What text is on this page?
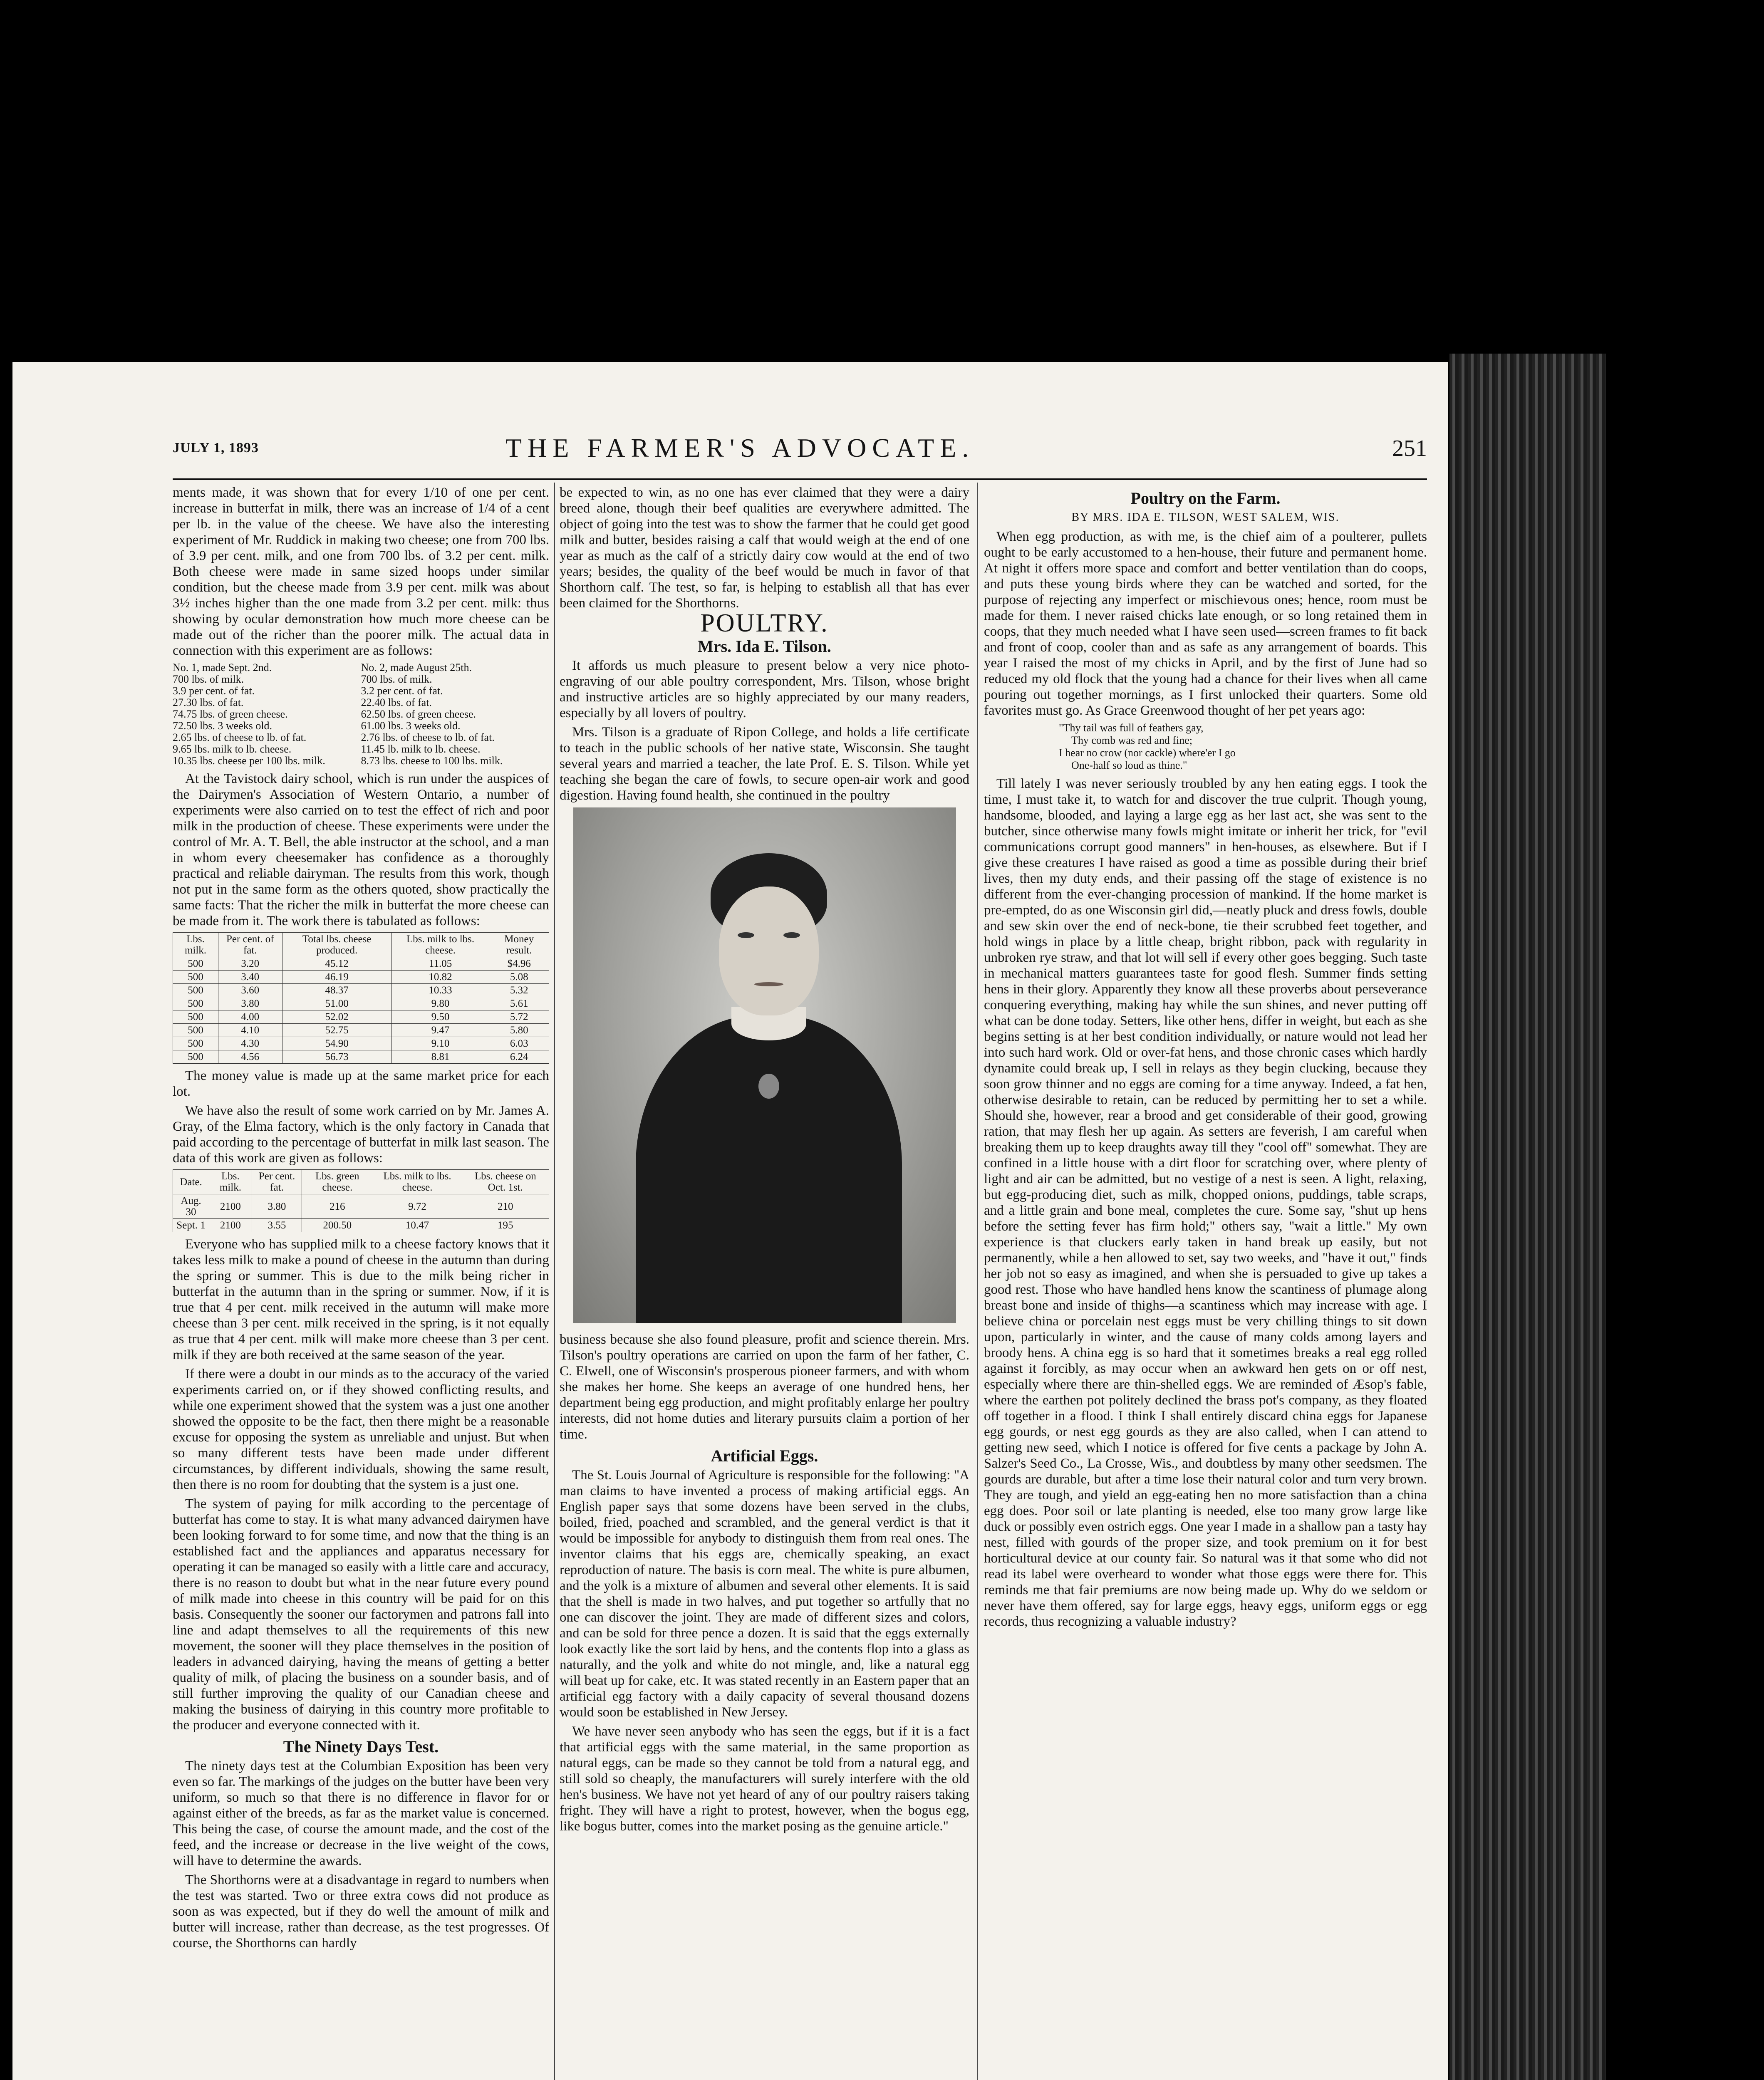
JULY 1, 1893	THE FARMER'S ADVOCATE.	251

ments made, it was shown that for every 1/10 of one per cent. increase in butterfat in milk, there was an increase of 1/4 of a cent per lb. in the value of the cheese. We have also the interesting experiment of Mr. Ruddick in making two cheese; one from 700 lbs. of 3.9 per cent. milk, and one from 700 lbs. of 3.2 per cent. milk. Both cheese were made in same sized hoops under similar condition, but the cheese made from 3.9 per cent. milk was about 3½ inches higher than the one made from 3.2 per cent. milk: thus showing by ocular demonstration how much more cheese can be made out of the richer than the poorer milk. The actual data in connection with this experiment are as follows:

No. 1, made Sept. 2nd.	No. 2, made August 25th.
700 lbs. of milk.	700 lbs. of milk.
3.9 per cent. of fat.	3.2 per cent. of fat.
27.30 lbs. of fat.	22.40 lbs. of fat.
74.75 lbs. of green cheese.	62.50 lbs. of green cheese.
72.50 lbs. 3 weeks old.	61.00 lbs. 3 weeks old.
2.65 lbs. of cheese to lb. of fat.	2.76 lbs. of cheese to lb. of fat.
9.65 lbs. milk to lb. cheese.	11.45 lb. milk to lb. cheese.
10.35 lbs. cheese per 100 lbs. milk.	8.73 lbs. cheese to 100 lbs. milk.

At the Tavistock dairy school, which is run under the auspices of the Dairymen's Association of Western Ontario, a number of experiments were also carried on to test the effect of rich and poor milk in the production of cheese. These experiments were under the control of Mr. A. T. Bell, the able instructor at the school, and a man in whom every cheesemaker has confidence as a thoroughly practical and reliable dairyman. The results from this work, though not put in the same form as the others quoted, show practically the same facts: That the richer the milk in butterfat the more cheese can be made from it. The work there is tabulated as follows:

Lbs. milk.	Per cent. of fat.	Total lbs. cheese produced.	Lbs. milk to lbs. cheese.	Money result.
500	3.20	45.12	11.05	$4.96
500	3.40	46.19	10.82	5.08
500	3.60	48.37	10.33	5.32
500	3.80	51.00	9.80	5.61
500	4.00	52.02	9.50	5.72
500	4.10	52.75	9.47	5.80
500	4.30	54.90	9.10	6.03
500	4.56	56.73	8.81	6.24

The money value is made up at the same market price for each lot.

We have also the result of some work carried on by Mr. James A. Gray, of the Elma factory, which is the only factory in Canada that paid according to the percentage of butterfat in milk last season. The data of this work are given as follows:

Date.	Lbs. milk.	Per cent. fat.	Lbs. green cheese.	Lbs. milk to lbs. cheese.	Lbs. cheese on Oct. 1st.
Aug. 30	2100	3.80	216	9.72	210
Sept. 1	2100	3.55	200.50	10.47	195

Everyone who has supplied milk to a cheese factory knows that it takes less milk to make a pound of cheese in the autumn than during the spring or summer. This is due to the milk being richer in butterfat in the autumn than in the spring or summer. Now, if it is true that 4 per cent. milk received in the autumn will make more cheese than 3 per cent. milk received in the spring, is it not equally as true that 4 per cent. milk will make more cheese than 3 per cent. milk if they are both received at the same season of the year.

If there were a doubt in our minds as to the accuracy of the varied experiments carried on, or if they showed conflicting results, and while one experiment showed that the system was a just one another showed the opposite to be the fact, then there might be a reasonable excuse for opposing the system as unreliable and unjust. But when so many different tests have been made under different circumstances, by different individuals, showing the same result, then there is no room for doubting that the system is a just one.

The system of paying for milk according to the percentage of butterfat has come to stay. It is what many advanced dairymen have been looking forward to for some time, and now that the thing is an established fact and the appliances and apparatus necessary for operating it can be managed so easily with a little care and accuracy, there is no reason to doubt but what in the near future every pound of milk made into cheese in this country will be paid for on this basis. Consequently the sooner our factorymen and patrons fall into line and adapt themselves to all the requirements of this new movement, the sooner will they place themselves in the position of leaders in advanced dairying, having the means of getting a better quality of milk, of placing the business on a sounder basis, and of still further improving the quality of our Canadian cheese and making the business of dairying in this country more profitable to the producer and everyone connected with it.

The Ninety Days Test.

The ninety days test at the Columbian Exposition has been very even so far. The markings of the judges on the butter have been very uniform, so much so that there is no difference in flavor for or against either of the breeds, as far as the market value is concerned. This being the case, of course the amount made, and the cost of the feed, and the increase or decrease in the live weight of the cows, will have to determine the awards.

The Shorthorns were at a disadvantage in regard to numbers when the test was started. Two or three extra cows did not produce as soon as was expected, but if they do well the amount of milk and butter will increase, rather than decrease, as the test progresses. Of course, the Shorthorns can hardly

be expected to win, as no one has ever claimed that they were a dairy breed alone, though their beef qualities are everywhere admitted. The object of going into the test was to show the farmer that he could get good milk and butter, besides raising a calf that would weigh at the end of one year as much as the calf of a strictly dairy cow would at the end of two years; besides, the quality of the beef would be much in favor of that Shorthorn calf. The test, so far, is helping to establish all that has ever been claimed for the Shorthorns.

POULTRY.
Mrs. Ida E. Tilson.

It affords us much pleasure to present below a very nice photo-engraving of our able poultry correspondent, Mrs. Tilson, whose bright and instructive articles are so highly appreciated by our many readers, especially by all lovers of poultry.

Mrs. Tilson is a graduate of Ripon College, and holds a life certificate to teach in the public schools of her native state, Wisconsin. She taught several years and married a teacher, the late Prof. E. S. Tilson. While yet teaching she began the care of fowls, to secure open-air work and good digestion. Having found health, she continued in the poultry

business because she also found pleasure, profit and science therein. Mrs. Tilson's poultry operations are carried on upon the farm of her father, C. C. Elwell, one of Wisconsin's prosperous pioneer farmers, and with whom she makes her home. She keeps an average of one hundred hens, her department being egg production, and might profitably enlarge her poultry interests, did not home duties and literary pursuits claim a portion of her time.

Artificial Eggs.

The St. Louis Journal of Agriculture is responsible for the following: "A man claims to have invented a process of making artificial eggs. An English paper says that some dozens have been served in the clubs, boiled, fried, poached and scrambled, and the general verdict is that it would be impossible for anybody to distinguish them from real ones. The inventor claims that his eggs are, chemically speaking, an exact reproduction of nature. The basis is corn meal. The white is pure albumen, and the yolk is a mixture of albumen and several other elements. It is said that the shell is made in two halves, and put together so artfully that no one can discover the joint. They are made of different sizes and colors, and can be sold for three pence a dozen. It is said that the eggs externally look exactly like the sort laid by hens, and the contents flop into a glass as naturally, and the yolk and white do not mingle, and, like a natural egg will beat up for cake, etc. It was stated recently in an Eastern paper that an artificial egg factory with a daily capacity of several thousand dozens would soon be established in New Jersey.

We have never seen anybody who has seen the eggs, but if it is a fact that artificial eggs with the same material, in the same proportion as natural eggs, can be made so they cannot be told from a natural egg, and still sold so cheaply, the manufacturers will surely interfere with the old hen's business. We have not yet heard of any of our poultry raisers taking fright. They will have a right to protest, however, when the bogus egg, like bogus butter, comes into the market posing as the genuine article."

Poultry on the Farm.

BY MRS. IDA E. TILSON, WEST SALEM, WIS.

When egg production, as with me, is the chief aim of a poulterer, pullets ought to be early accustomed to a hen-house, their future and permanent home. At night it offers more space and comfort and better ventilation than do coops, and puts these young birds where they can be watched and sorted, for the purpose of rejecting any imperfect or mischievous ones; hence, room must be made for them. I never raised chicks late enough, or so long retained them in coops, that they much needed what I have seen used—screen frames to fit back and front of coop, cooler than and as safe as any arrangement of boards. This year I raised the most of my chicks in April, and by the first of June had so reduced my old flock that the young had a chance for their lives when all came pouring out together mornings, as I first unlocked their quarters. Some old favorites must go. As Grace Greenwood thought of her pet years ago:

"Thy tail was full of feathers gay,
Thy comb was red and fine;
I hear no crow (nor cackle) where'er I go
One-half so loud as thine."

Till lately I was never seriously troubled by any hen eating eggs. I took the time, I must take it, to watch for and discover the true culprit. Though young, handsome, blooded, and laying a large egg as her last act, she was sent to the butcher, since otherwise many fowls might imitate or inherit her trick, for "evil communications corrupt good manners" in hen-houses, as elsewhere. But if I give these creatures I have raised as good a time as possible during their brief lives, then my duty ends, and their passing off the stage of existence is no different from the ever-changing procession of mankind. If the home market is pre-empted, do as one Wisconsin girl did,—neatly pluck and dress fowls, double and sew skin over the end of neck-bone, tie their scrubbed feet together, and hold wings in place by a little cheap, bright ribbon, pack with regularity in unbroken rye straw, and that lot will sell if every other goes begging. Such taste in mechanical matters guarantees taste for good flesh. Summer finds setting hens in their glory. Apparently they know all these proverbs about perseverance conquering everything, making hay while the sun shines, and never putting off what can be done today. Setters, like other hens, differ in weight, but each as she begins setting is at her best condition individually, or nature would not lead her into such hard work. Old or over-fat hens, and those chronic cases which hardly dynamite could break up, I sell in relays as they begin clucking, because they soon grow thinner and no eggs are coming for a time anyway. Indeed, a fat hen, otherwise desirable to retain, can be reduced by permitting her to set a while. Should she, however, rear a brood and get considerable of their good, growing ration, that may flesh her up again. As setters are feverish, I am careful when breaking them up to keep draughts away till they "cool off" somewhat. They are confined in a little house with a dirt floor for scratching over, where plenty of light and air can be admitted, but no vestige of a nest is seen. A light, relaxing, but egg-producing diet, such as milk, chopped onions, puddings, table scraps, and a little grain and bone meal, completes the cure. Some say, "shut up hens before the setting fever has firm hold;" others say, "wait a little." My own experience is that cluckers early taken in hand break up easily, but not permanently, while a hen allowed to set, say two weeks, and "have it out," finds her job not so easy as imagined, and when she is persuaded to give up takes a good rest. Those who have handled hens know the scantiness of plumage along breast bone and inside of thighs—a scantiness which may increase with age. I believe china or porcelain nest eggs must be very chilling things to sit down upon, particularly in winter, and the cause of many colds among layers and broody hens. A china egg is so hard that it sometimes breaks a real egg rolled against it forcibly, as may occur when an awkward hen gets on or off nest, especially where there are thin-shelled eggs. We are reminded of Æsop's fable, where the earthen pot politely declined the brass pot's company, as they floated off together in a flood. I think I shall entirely discard china eggs for Japanese egg gourds, or nest egg gourds as they are also called, when I can attend to getting new seed, which I notice is offered for five cents a package by John A. Salzer's Seed Co., La Crosse, Wis., and doubtless by many other seedsmen. The gourds are durable, but after a time lose their natural color and turn very brown. They are tough, and yield an egg-eating hen no more satisfaction than a china egg does. Poor soil or late planting is needed, else too many grow large like duck or possibly even ostrich eggs. One year I made in a shallow pan a tasty hay nest, filled with gourds of the proper size, and took premium on it for best horticultural device at our county fair. So natural was it that some who did not read its label were overheard to wonder what those eggs were there for. This reminds me that fair premiums are now being made up. Why do we seldom or never have them offered, say for large eggs, heavy eggs, uniform eggs or egg records, thus recognizing a valuable industry?
